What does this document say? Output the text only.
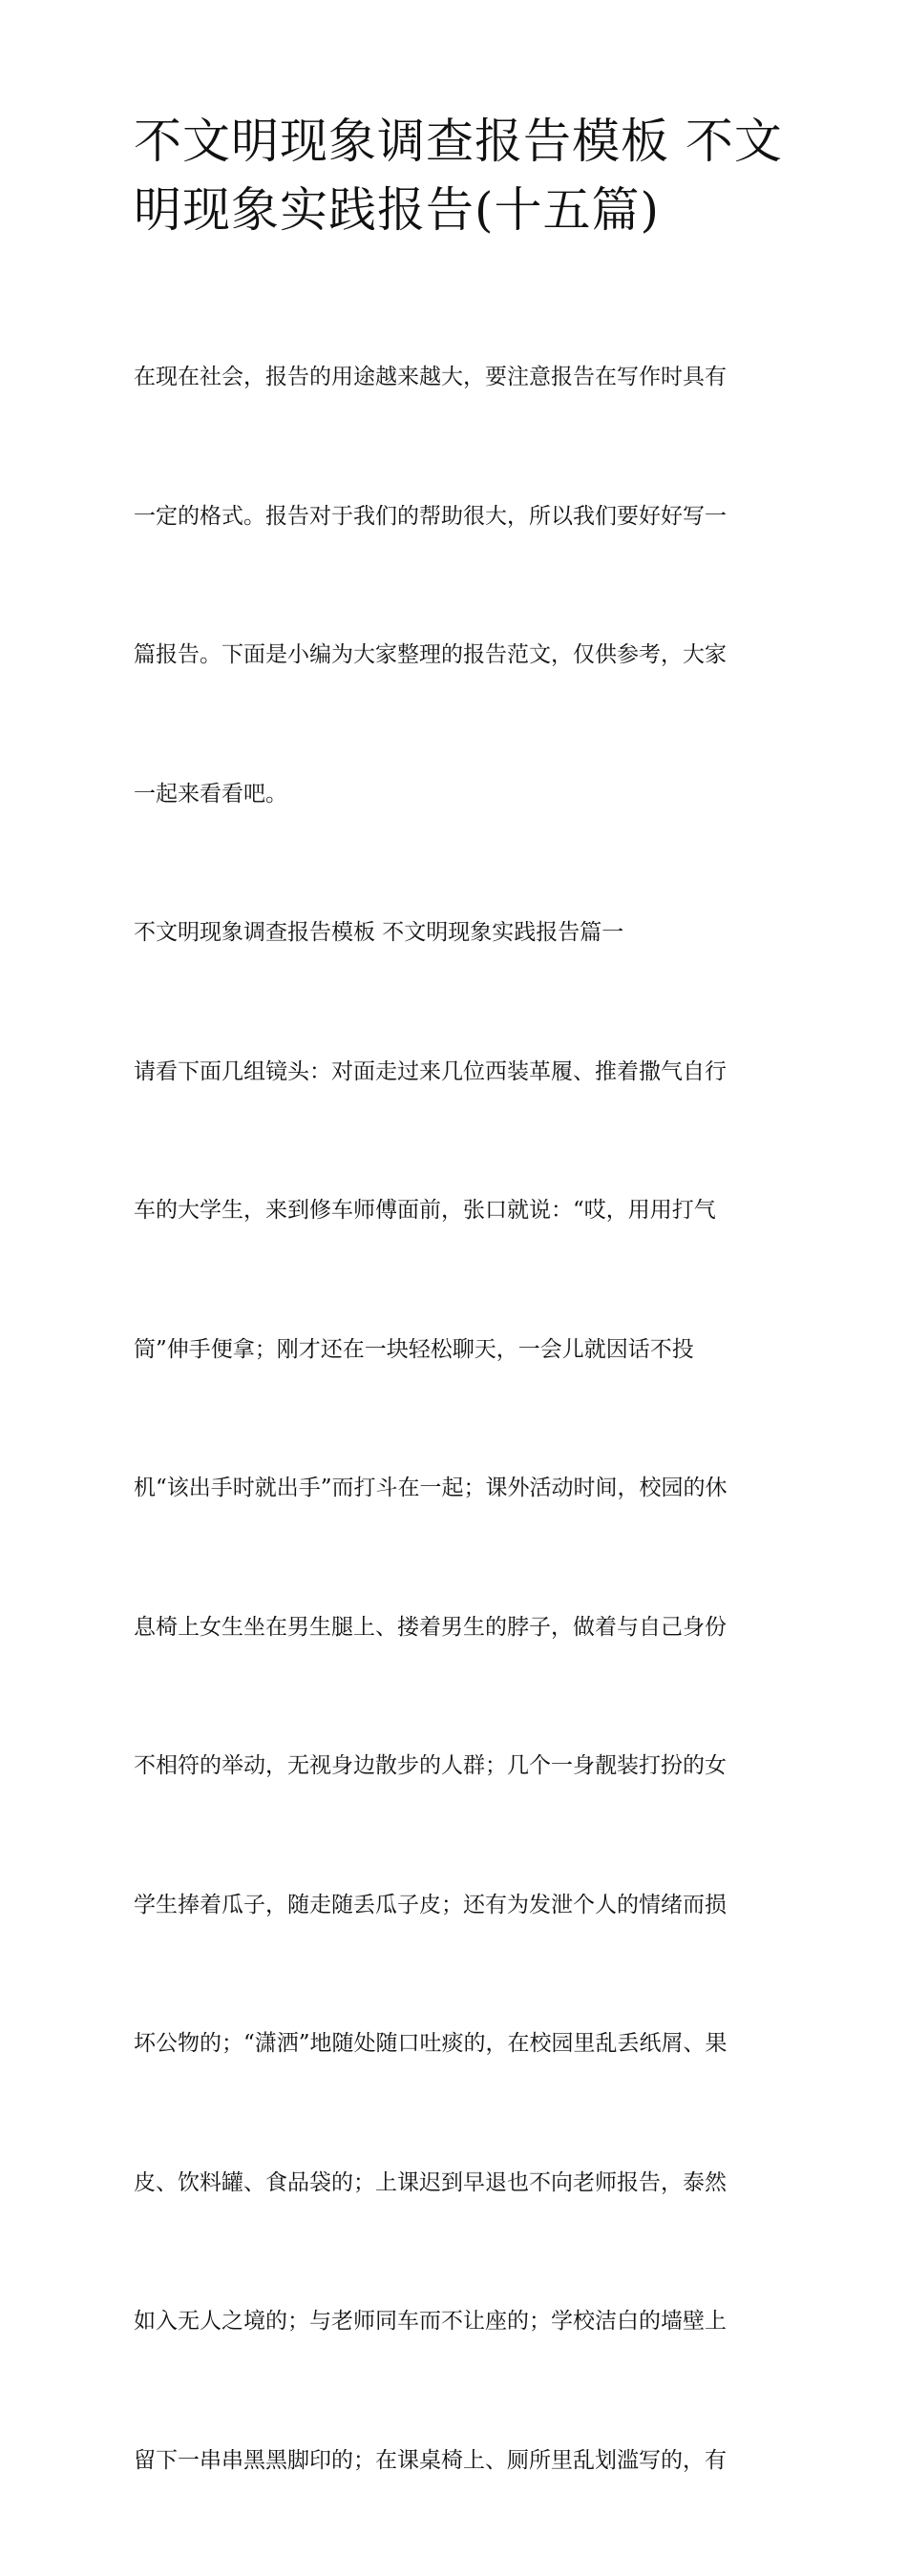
不文明现象调查报告模板 不文
明现象实践报告(十五篇)

在现在社会，报告的用途越来越大，要注意报告在写作时具有

一定的格式。报告对于我们的帮助很大，所以我们要好好写一

篇报告。下面是小编为大家整理的报告范文，仅供参考，大家

一起来看看吧。

不文明现象调查报告模板 不文明现象实践报告篇一

请看下面几组镜头：对面走过来几位西装革履、推着撒气自行

车的大学生，来到修车师傅面前，张口就说：“哎，用用打气

筒”伸手便拿；刚才还在一块轻松聊天，一会儿就因话不投

机“该出手时就出手”而打斗在一起；课外活动时间，校园的休

息椅上女生坐在男生腿上、搂着男生的脖子，做着与自己身份

不相符的举动，无视身边散步的人群；几个一身靓装打扮的女

学生捧着瓜子，随走随丢瓜子皮；还有为发泄个人的情绪而损

坏公物的；“潇洒”地随处随口吐痰的，在校园里乱丢纸屑、果

皮、饮料罐、食品袋的；上课迟到早退也不向老师报告，泰然

如入无人之境的；与老师同车而不让座的；学校洁白的墙壁上

留下一串串黑黑脚印的；在课桌椅上、厕所里乱划滥写的，有
